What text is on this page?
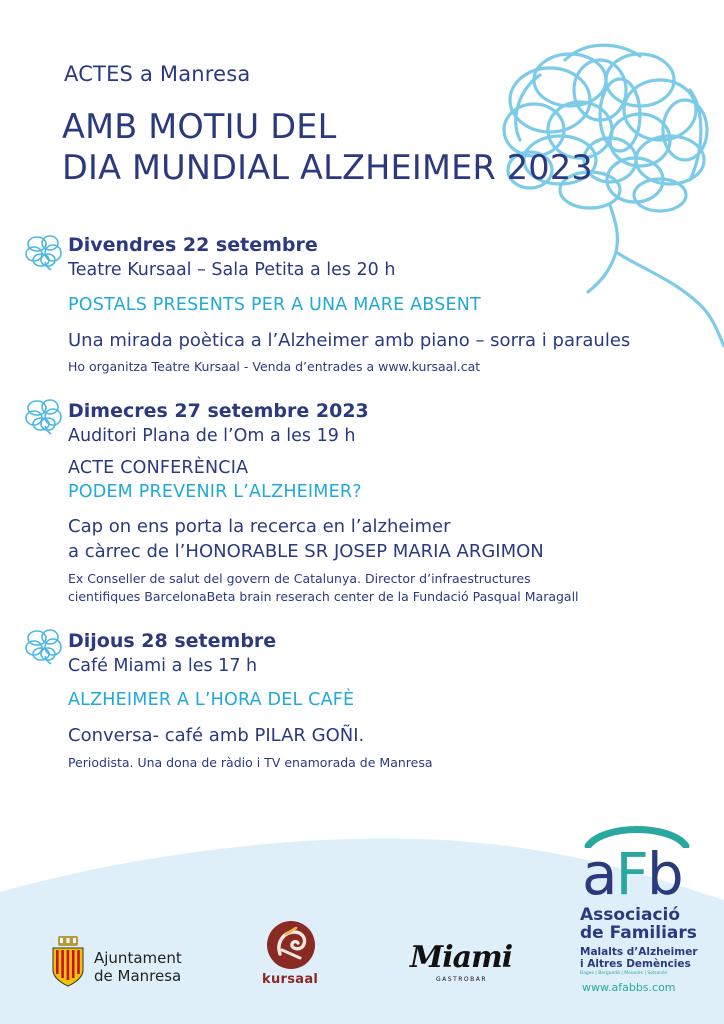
ACTES a Manresa
AMB MOTIU DEL
DIA MUNDIAL ALZHEIMER 2023
Divendres 22 setembre
Teatre Kursaal – Sala Petita a les 20 h
POSTALS PRESENTS PER A UNA MARE ABSENT
Una mirada poètica a l’Alzheimer amb piano – sorra i paraules
Ho organitza Teatre Kursaal - Venda d’entrades a www.kursaal.cat
Dimecres 27 setembre 2023
Auditori Plana de l’Om a les 19 h
ACTE CONFERÈNCIA
PODEM PREVENIR L’ALZHEIMER?
Cap on ens porta la recerca en l’alzheimer
a càrrec de l’HONORABLE SR JOSEP MARIA ARGIMON
Ex Conseller de salut del govern de Catalunya. Director d’infraestructures
cientifiques BarcelonaBeta brain reserach center de la Fundació Pasqual Maragall
Dijous 28 setembre
Café Miami a les 17 h
ALZHEIMER A L’HORA DEL CAFÈ
Conversa- café amb PILAR GOÑI.
Periodista. Una dona de ràdio i TV enamorada de Manresa
Ajuntament
de Manresa	kursaal
Miami
GASTROBAR
aFb
Associació
de Familiars
Malalts d’Alzheimer
i Altres Demències
Bages | Berguedà | Moianès | Solsonès
www.afabbs.com
